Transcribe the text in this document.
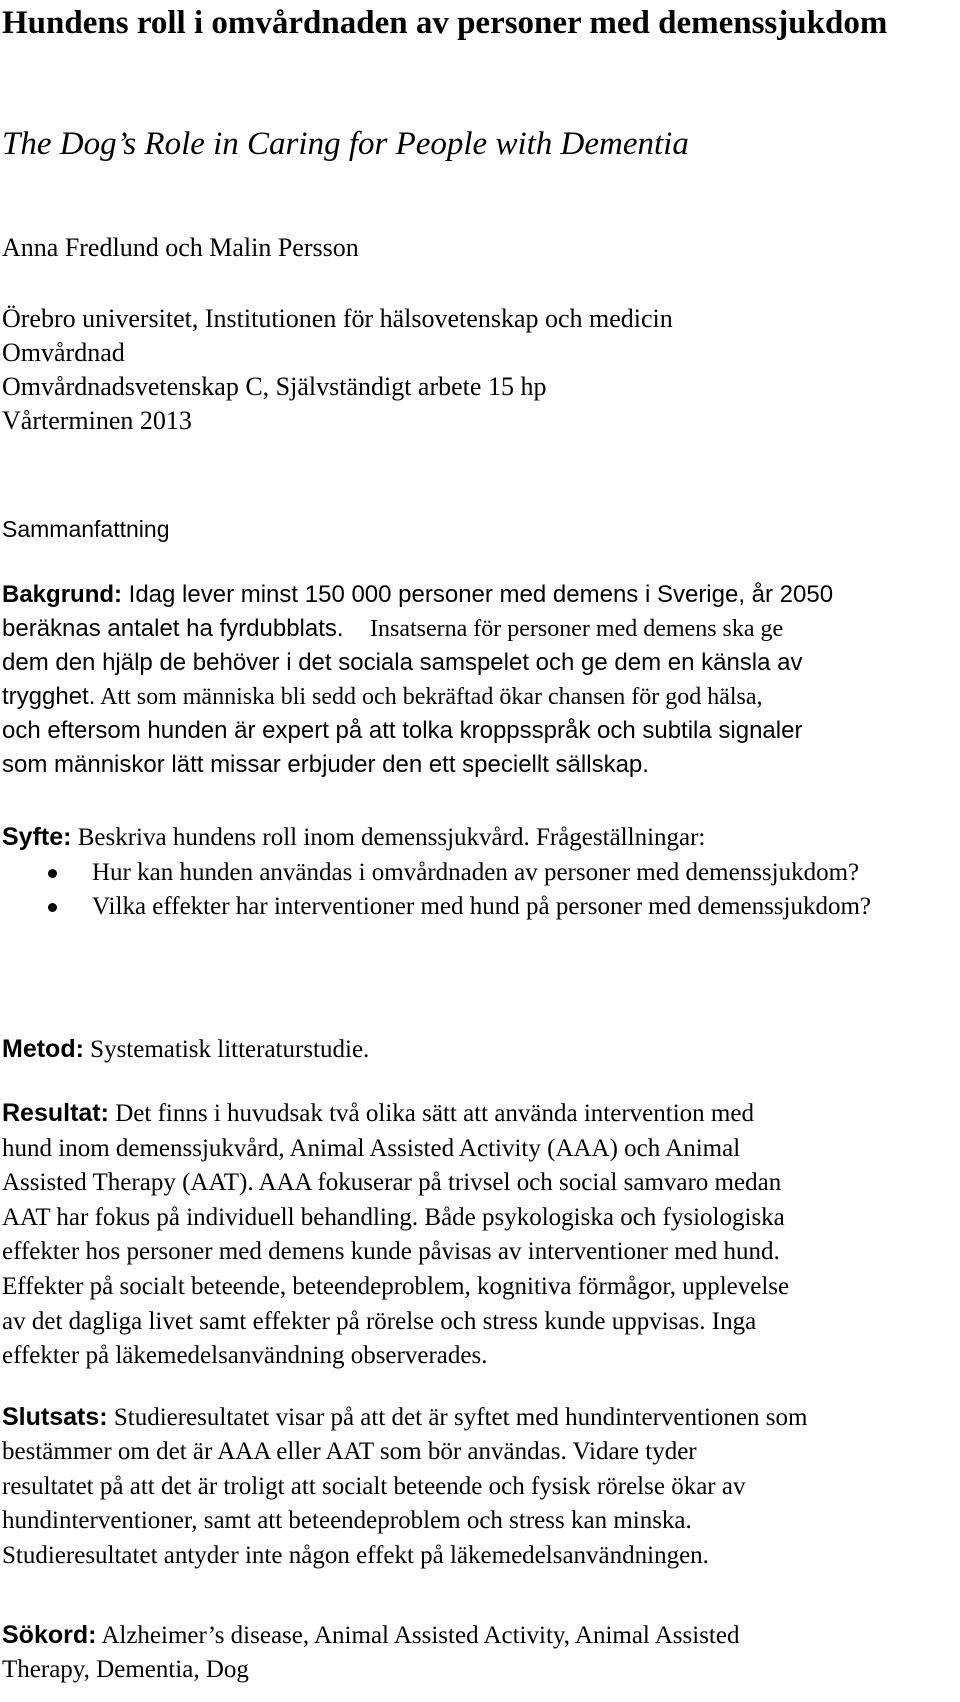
Hundens roll i omvårdnaden av personer med demenssjukdom
The Dog’s Role in Caring for People with Dementia
Anna Fredlund och Malin Persson
Örebro universitet, Institutionen för hälsovetenskap och medicin
Omvårdnad
Omvårdnadsvetenskap C, Självständigt arbete 15 hp
Vårterminen 2013
Sammanfattning
Bakgrund: Idag lever minst 150 000 personer med demens i Sverige, år 2050
beräknas antalet ha fyrdubblats.	Insatserna för personer med demens ska ge
dem den hjälp de behöver i det sociala samspelet och ge dem en känsla av
trygghet. Att som människa bli sedd och bekräftad ökar chansen för god hälsa,
och eftersom hunden är expert på att tolka kroppsspråk och subtila signaler
som människor lätt missar erbjuder den ett speciellt sällskap.
Syfte: Beskriva hundens roll inom demenssjukvård. Frågeställningar:
Hur kan hunden användas i omvårdnaden av personer med demenssjukdom?
Vilka effekter har interventioner med hund på personer med demenssjukdom?
Metod: Systematisk litteraturstudie.
Resultat: Det finns i huvudsak två olika sätt att använda intervention med
hund inom demenssjukvård, Animal Assisted Activity (AAA) och Animal
Assisted Therapy (AAT). AAA fokuserar på trivsel och social samvaro medan
AAT har fokus på individuell behandling. Både psykologiska och fysiologiska
effekter hos personer med demens kunde påvisas av interventioner med hund.
Effekter på socialt beteende, beteendeproblem, kognitiva förmågor, upplevelse
av det dagliga livet samt effekter på rörelse och stress kunde uppvisas. Inga
effekter på läkemedelsanvändning observerades.
Slutsats: Studieresultatet visar på att det är syftet med hundinterventionen som
bestämmer om det är AAA eller AAT som bör användas. Vidare tyder
resultatet på att det är troligt att socialt beteende och fysisk rörelse ökar av
hundinterventioner, samt att beteendeproblem och stress kan minska.
Studieresultatet antyder inte någon effekt på läkemedelsanvändningen.
Sökord: Alzheimer’s disease, Animal Assisted Activity, Animal Assisted
Therapy, Dementia, Dog
